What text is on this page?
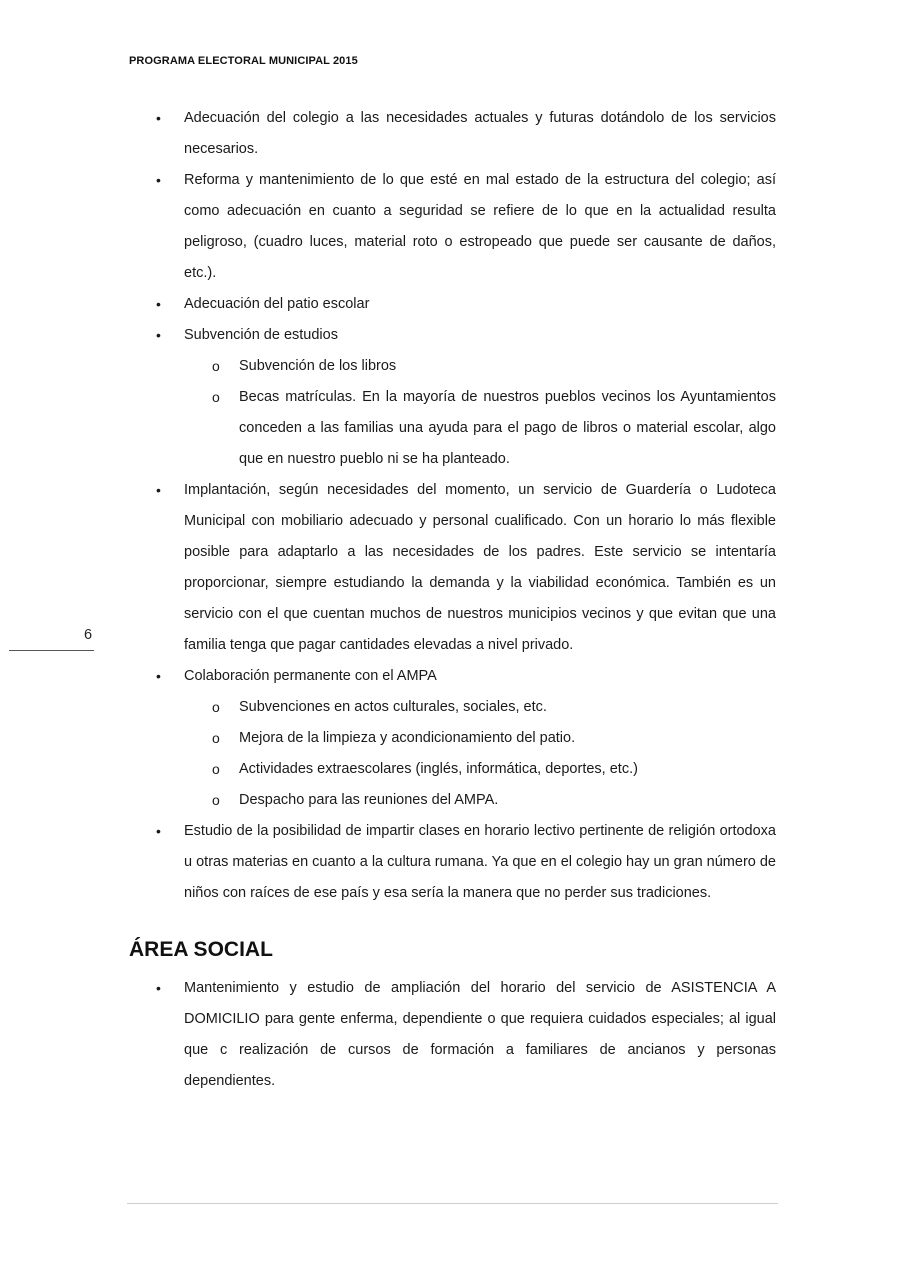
PROGRAMA ELECTORAL MUNICIPAL 2015
6
•	Adecuación del colegio a las necesidades actuales y futuras dotándolo de los servicios necesarios.
•	Reforma y mantenimiento de lo que esté en mal estado de la estructura del colegio; así como adecuación en cuanto a seguridad se refiere de lo que en la actualidad resulta peligroso, (cuadro luces, material roto o estropeado que puede ser causante de daños, etc.).
•	Adecuación del patio escolar
•	Subvención de estudios
o Subvención de los libros
o Becas matrículas. En la mayoría de nuestros pueblos vecinos los Ayuntamientos conceden a las familias una ayuda para el pago de libros o material escolar, algo que en nuestro pueblo ni se ha planteado.
•	Implantación, según necesidades del momento, un servicio de Guardería o Ludoteca Municipal con mobiliario adecuado y personal cualificado. Con un horario lo más flexible posible para adaptarlo a las necesidades de los padres. Este servicio se intentaría proporcionar, siempre estudiando la demanda y la viabilidad económica. También es un servicio con el que cuentan muchos de nuestros municipios vecinos y que evitan que una familia tenga que pagar cantidades elevadas a nivel privado.
•	Colaboración permanente con el AMPA
o Subvenciones en actos culturales, sociales, etc.
o Mejora de la limpieza y acondicionamiento del patio.
o Actividades extraescolares (inglés, informática, deportes, etc.)
o Despacho para las reuniones del AMPA.
•	Estudio de la posibilidad de impartir clases en horario lectivo pertinente de religión ortodoxa u otras materias en cuanto a la cultura rumana. Ya que en el colegio hay un gran número de niños con raíces de ese país y esa sería la manera que no perder sus tradiciones.
ÁREA SOCIAL
•	Mantenimiento y estudio de ampliación del horario del servicio de ASISTENCIA A DOMICILIO para gente enferma, dependiente o que requiera cuidados especiales; al igual que c realización de cursos de formación a familiares de ancianos y personas dependientes.
